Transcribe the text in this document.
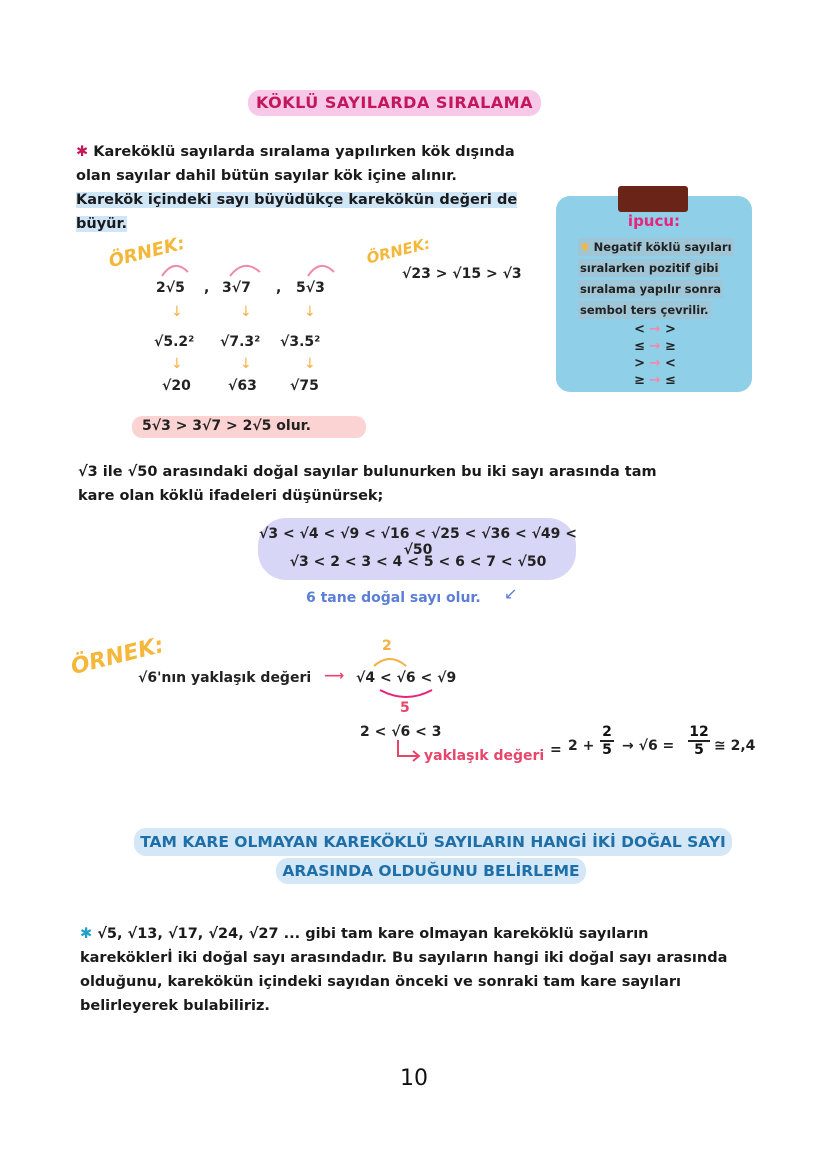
KÖKLÜ SAYILARDA SIRALAMA
✱ Kareköklü sayılarda sıralama yapılırken kök dışında
olan sayılar dahil bütün sayılar kök içine alınır.
Karekök içindeki sayı büyüdükçe karekökün değeri de
büyür.
ÖRNEK:
2√5 , 3√7 , 5√3
↓	↓	↓
√5.2² √7.3² √3.5²
↓	↓	↓
√20	√63 √75
5√3 > 3√7 > 2√5 olur.
ÖRNEK:
√23 > √15 > √3
ipucu:
✱ Negatif köklü sayıları
sıralarken pozitif gibi
sıralama yapılır sonra
sembol ters çevrilir.
< → >
≤ → ≥
> → <
≥ → ≤
√3 ile √50 arasındaki doğal sayılar bulunurken bu iki sayı arasında tam
kare olan köklü ifadeleri düşünürsek;
√3 < √4 < √9 < √16 < √25 < √36 < √49 < √50
√3 < 2 < 3 < 4 < 5 < 6 < 7 < √50
6 tane doğal sayı olur. ↙
ÖRNEK:
√6'nın yaklaşık değeri ⟶
2
√4 < √6 < √9
5
2 < √6 < 3
yaklaşık değeri = 2 +
2
5 → √6 =
12
5 ≅ 2,4
TAM KARE OLMAYAN KAREKÖKLÜ SAYILARIN HANGİ İKİ DOĞAL SAYI
ARASINDA OLDUĞUNU BELİRLEME
✱ √5, √13, √17, √24, √27 ... gibi tam kare olmayan kareköklü sayıların
kareköklerİ iki doğal sayı arasındadır. Bu sayıların hangi iki doğal sayı arasında
olduğunu, karekökün içindeki sayıdan önceki ve sonraki tam kare sayıları
belirleyerek bulabiliriz.
10
